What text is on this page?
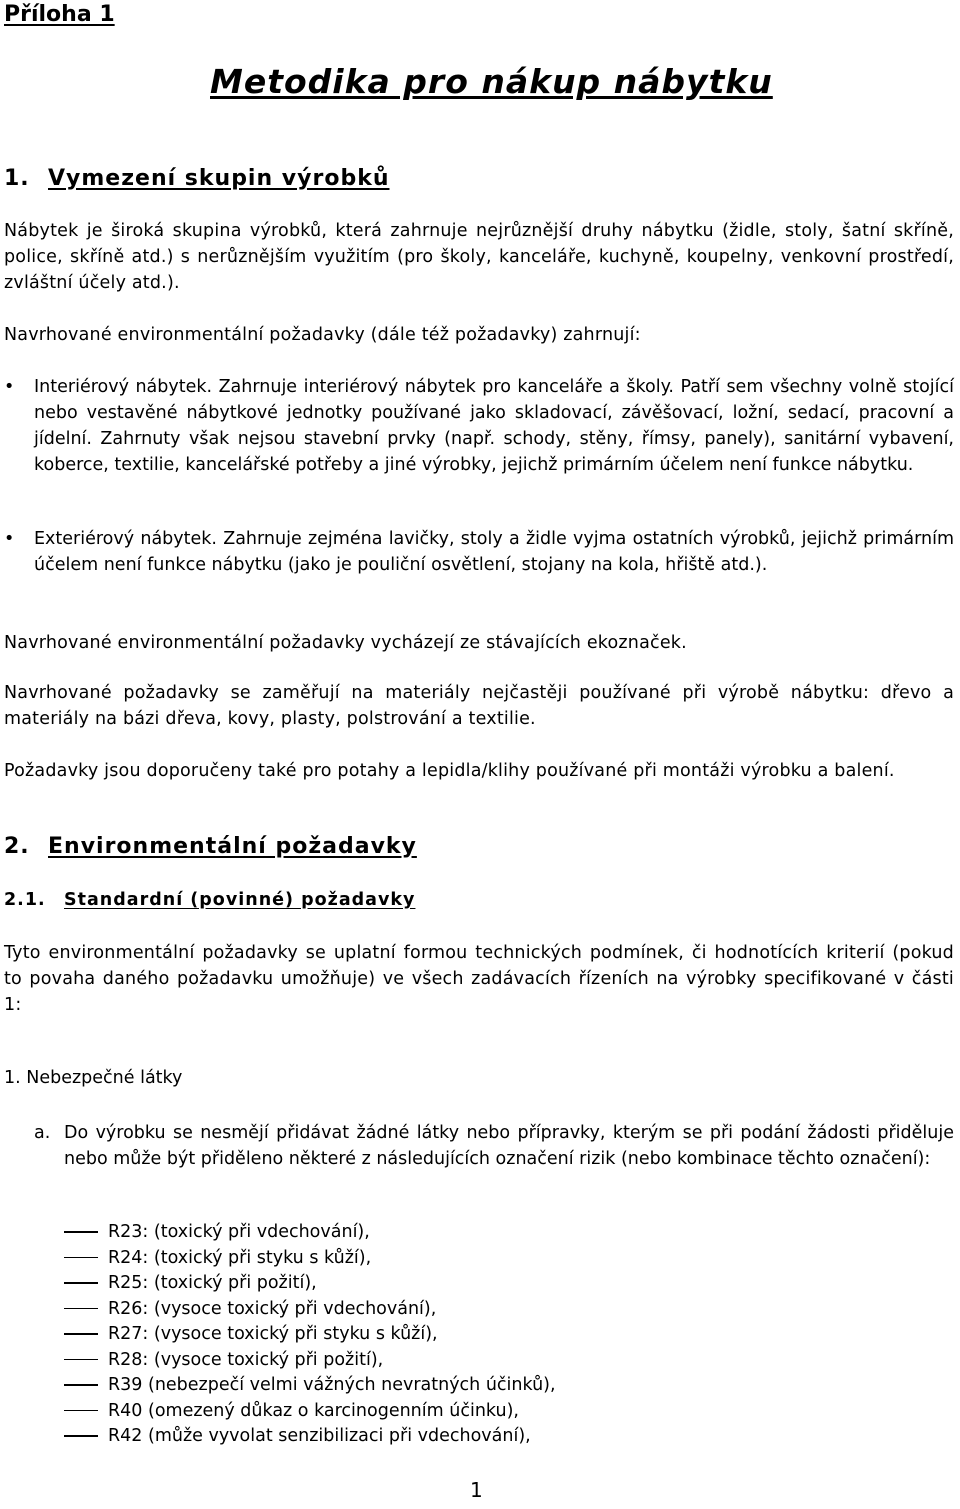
Příloha 1
Metodika pro nákup nábytku
1. Vymezení skupin výrobků
Nábytek je široká skupina výrobků, která zahrnuje nejrůznější druhy nábytku (židle, stoly, šatní skříně, police, skříně atd.) s nerůznějším využitím (pro školy, kanceláře, kuchyně, koupelny, venkovní prostředí, zvláštní účely atd.).
Navrhované environmentální požadavky (dále též požadavky) zahrnují:
•	Interiérový nábytek. Zahrnuje interiérový nábytek pro kanceláře a školy. Patří sem všechny volně stojící nebo vestavěné nábytkové jednotky používané jako skladovací, závěšovací, ložní, sedací, pracovní a jídelní. Zahrnuty však nejsou stavební prvky (např. schody, stěny, římsy, panely), sanitární vybavení, koberce, textilie, kancelářské potřeby a jiné výrobky, jejichž primárním účelem není funkce nábytku.
•	Exteriérový nábytek. Zahrnuje zejména lavičky, stoly a židle vyjma ostatních výrobků, jejichž primárním účelem není funkce nábytku (jako je pouliční osvětlení, stojany na kola, hřiště atd.).
Navrhované environmentální požadavky vycházejí ze stávajících ekoznaček.
Navrhované požadavky se zaměřují na materiály nejčastěji používané při výrobě nábytku: dřevo a materiály na bázi dřeva, kovy, plasty, polstrování a textilie.
Požadavky jsou doporučeny také pro potahy a lepidla/klihy používané při montáži výrobku a balení.
2. Environmentální požadavky
2.1. Standardní (povinné) požadavky
Tyto environmentální požadavky se uplatní formou technických podmínek, či hodnotících kriterií (pokud to povaha daného požadavku umožňuje) ve všech zadávacích řízeních na výrobky specifikované v části 1:
1. Nebezpečné látky
a. Do výrobku se nesmějí přidávat žádné látky nebo přípravky, kterým se při podání žádosti přiděluje nebo může být přiděleno některé z následujících označení rizik (nebo kombinace těchto označení):
R23: (toxický při vdechování),
R24: (toxický při styku s kůží),
R25: (toxický při požití),
R26: (vysoce toxický při vdechování),
R27: (vysoce toxický při styku s kůží),
R28: (vysoce toxický při požití),
R39 (nebezpečí velmi vážných nevratných účinků),
R40 (omezený důkaz o karcinogenním účinku),
R42 (může vyvolat senzibilizaci při vdechování),
1
